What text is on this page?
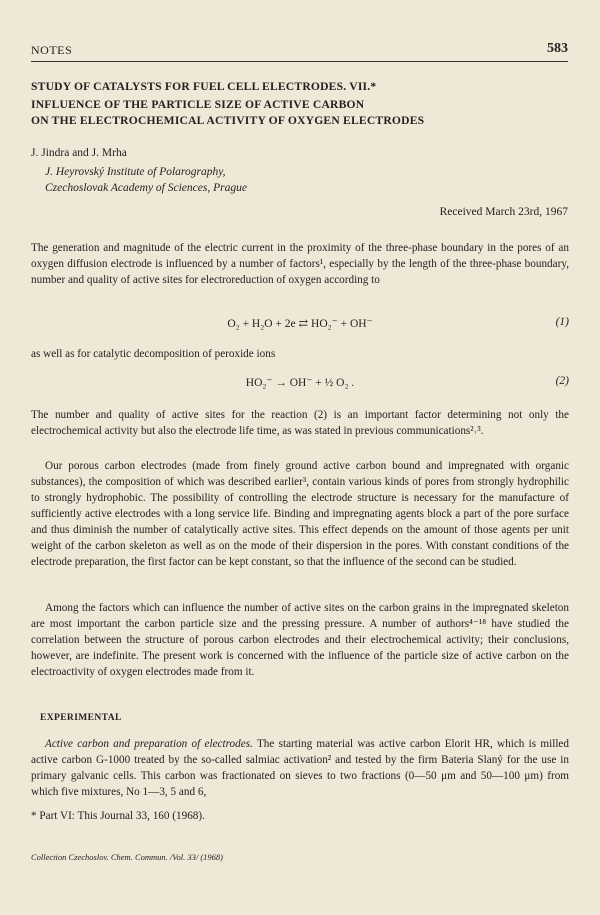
NOTES	583
STUDY OF CATALYSTS FOR FUEL CELL ELECTRODES. VII.*
INFLUENCE OF THE PARTICLE SIZE OF ACTIVE CARBON
ON THE ELECTROCHEMICAL ACTIVITY OF OXYGEN ELECTRODES
J. Jindra and J. Mrha
J. Heyrovský Institute of Polarography,
Czechoslovak Academy of Sciences, Prague
Received March 23rd, 1967

The generation and magnitude of the electric current in the proximity of the three-phase boundary in the pores of an oxygen diffusion electrode is influenced by a number of factors¹, especially by the length of the three-phase boundary, number and quality of active sites for electroreduction of oxygen according to

O₂ + H₂O + 2e ⇄ HO₂⁻ + OH⁻	(1)

as well as for catalytic decomposition of peroxide ions

HO₂⁻ → OH⁻ + ½ O₂ .	(2)

The number and quality of active sites for the reaction (2) is an important factor determining not only the electrochemical activity but also the electrode life time, as was stated in previous communications²˒³.

Our porous carbon electrodes (made from finely ground active carbon bound and impregnated with organic substances), the composition of which was described earlier³, contain various kinds of pores from strongly hydrophilic to strongly hydrophobic. The possibility of controlling the electrode structure is necessary for the manufacture of sufficiently active electrodes with a long service life. Binding and impregnating agents block a part of the pore surface and thus diminish the number of catalytically active sites. This effect depends on the amount of those agents per unit weight of the carbon skeleton as well as on the mode of their dispersion in the pores. With constant conditions of the electrode preparation, the first factor can be kept constant, so that the influence of the second can be studied.

Among the factors which can influence the number of active sites on the carbon grains in the impregnated skeleton are most important the carbon particle size and the pressing pressure. A number of authors⁴⁻¹⁸ have studied the correlation between the structure of porous carbon electrodes and their electrochemical activity; their conclusions, however, are indefinite. The present work is concerned with the influence of the particle size of active carbon on the electroactivity of oxygen electrodes made from it.

EXPERIMENTAL

Active carbon and preparation of electrodes. The starting material was active carbon Elorit HR, which is milled active carbon G-1000 treated by the so-called salmiac activation² and tested by the firm Bateria Slaný for the use in primary galvanic cells. This carbon was fractionated on sieves to two fractions (0—50 μm and 50—100 μm) from which five mixtures, No 1—3, 5 and 6,

* Part VI: This Journal 33, 160 (1968).
Collection Czechoslov. Chem. Commun. /Vol. 33/ (1968)
